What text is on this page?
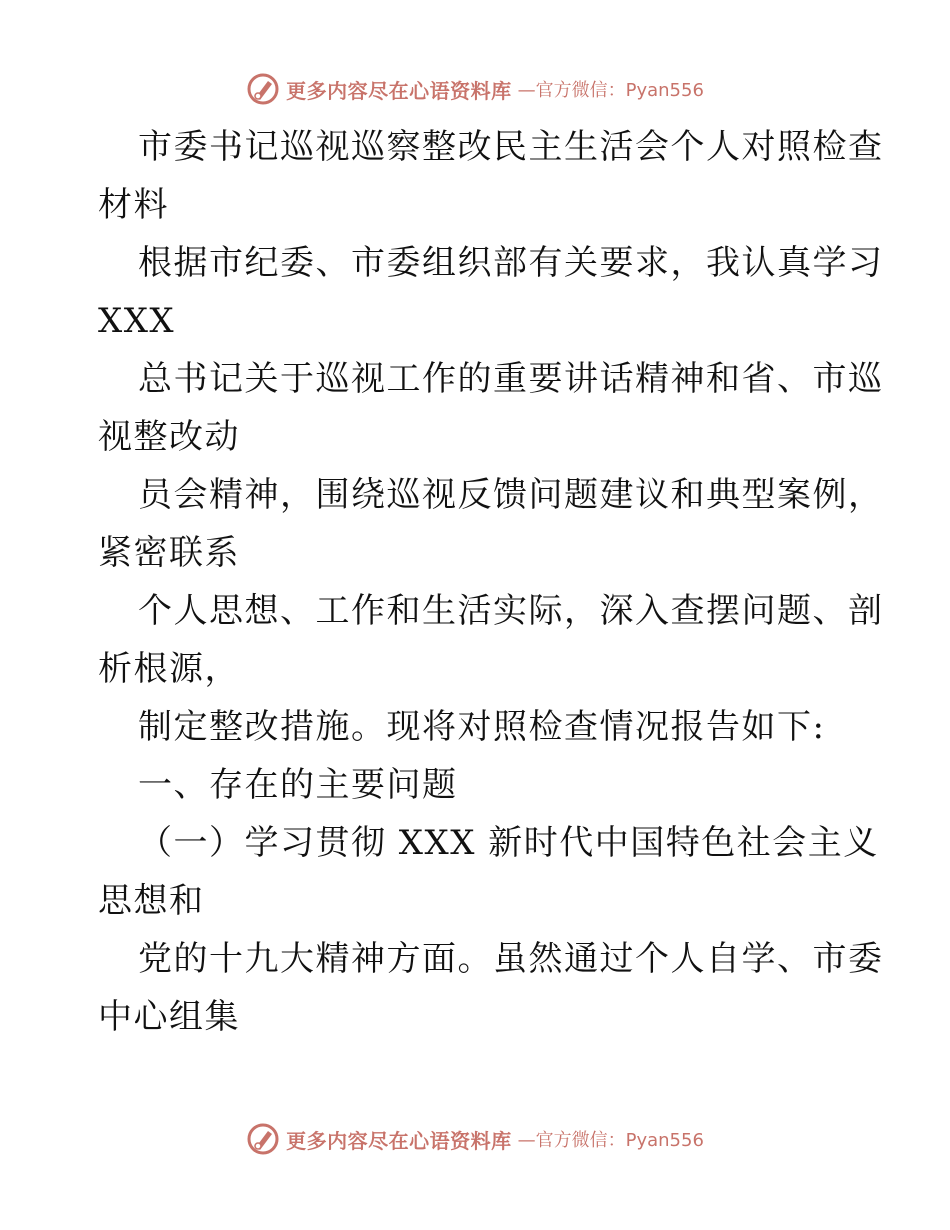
更多内容尽在心语资料库 —官方微信：Pyan556
市委书记巡视巡察整改民主生活会个人对照检查
材料
根据市纪委、市委组织部有关要求，我认真学习
XXX
总书记关于巡视工作的重要讲话精神和省、市巡
视整改动
员会精神，围绕巡视反馈问题建议和典型案例，
紧密联系
个人思想、工作和生活实际，深入查摆问题、剖
析根源，
制定整改措施。现将对照检查情况报告如下:
一、存在的主要问题
（一）学习贯彻 XXX 新时代中国特色社会主义
思想和
党的十九大精神方面。虽然通过个人自学、市委
中心组集
更多内容尽在心语资料库 —官方微信：Pyan556
